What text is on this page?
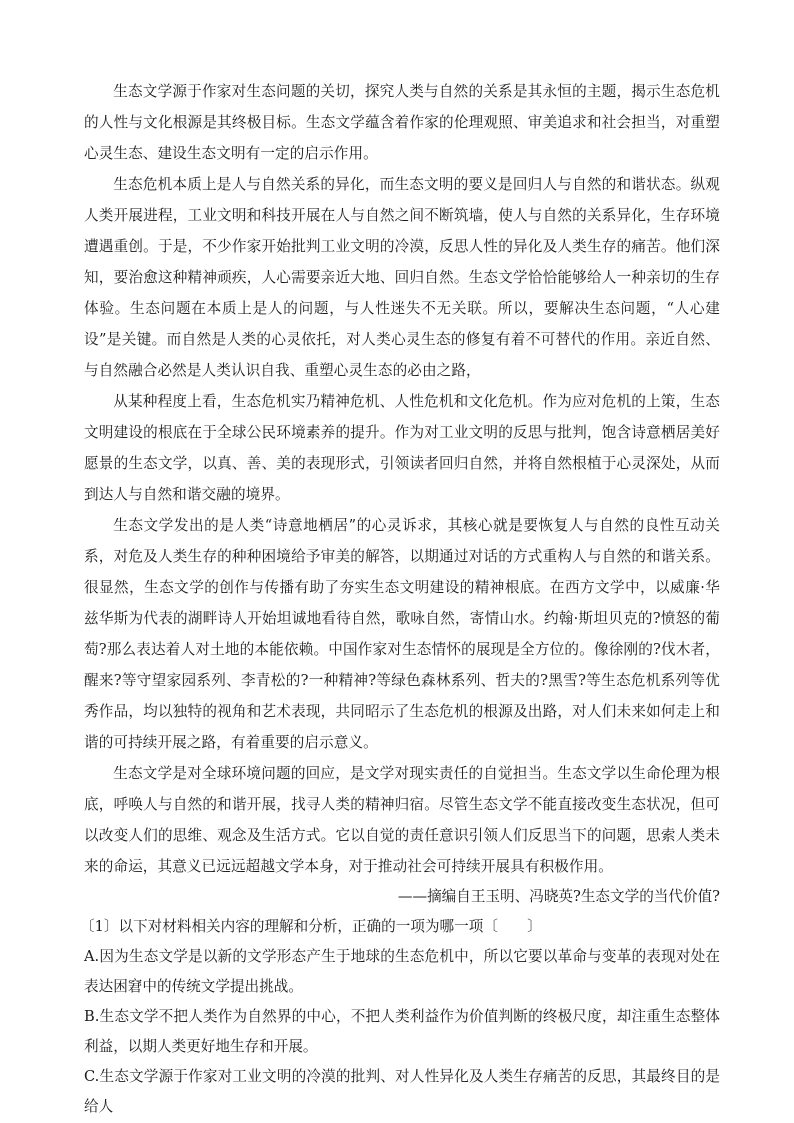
生态文学源于作家对生态问题的关切，探究人类与自然的关系是其永恒的主题，揭示生态危机的人性与文化根源是其终极目标。生态文学蕴含着作家的伦理观照、审美追求和社会担当，对重塑心灵生态、建设生态文明有一定的启示作用。

生态危机本质上是人与自然关系的异化，而生态文明的要义是回归人与自然的和谐状态。纵观人类开展进程，工业文明和科技开展在人与自然之间不断筑墙，使人与自然的关系异化，生存环境遭遇重创。于是，不少作家开始批判工业文明的冷漠，反思人性的异化及人类生存的痛苦。他们深知，要治愈这种精神顽疾，人心需要亲近大地、回归自然。生态文学恰恰能够给人一种亲切的生存体验。生态问题在本质上是人的问题，与人性迷失不无关联。所以，要解决生态问题，“人心建设”是关键。而自然是人类的心灵依托，对人类心灵生态的修复有着不可替代的作用。亲近自然、与自然融合必然是人类认识自我、重塑心灵生态的必由之路，

从某种程度上看，生态危机实乃精神危机、人性危机和文化危机。作为应对危机的上策，生态文明建设的根底在于全球公民环境素养的提升。作为对工业文明的反思与批判，饱含诗意栖居美好愿景的生态文学，以真、善、美的表现形式，引领读者回归自然，并将自然根植于心灵深处，从而到达人与自然和谐交融的境界。

生态文学发出的是人类“诗意地栖居”的心灵诉求，其核心就是要恢复人与自然的良性互动关系，对危及人类生存的种种困境给予审美的解答，以期通过对话的方式重构人与自然的和谐关系。很显然，生态文学的创作与传播有助了夯实生态文明建设的精神根底。在西方文学中，以威廉·华兹华斯为代表的湖畔诗人开始坦诚地看待自然，歌咏自然，寄情山水。约翰·斯坦贝克的?愤怒的葡萄?那么表达着人对土地的本能依赖。中国作家对生态情怀的展现是全方位的。像徐刚的?伐木者，醒来?等守望家园系列、李青松的?一种精神?等绿色森林系列、哲夫的?黑雪?等生态危机系列等优秀作品，均以独特的视角和艺术表现，共同昭示了生态危机的根源及出路，对人们未来如何走上和谐的可持续开展之路，有着重要的启示意义。

生态文学是对全球环境问题的回应，是文学对现实责任的自觉担当。生态文学以生命伦理为根底，呼唤人与自然的和谐开展，找寻人类的精神归宿。尽管生态文学不能直接改变生态状况，但可以改变人们的思维、观念及生活方式。它以自觉的责任意识引领人们反思当下的问题，思索人类未来的命运，其意义已远远超越文学本身，对于推动社会可持续开展具有积极作用。

——摘编自王玉明、冯晓英?生态文学的当代价值?

〔1〕以下对材料相关内容的理解和分析，正确的一项为哪一项〔　　〕

A.因为生态文学是以新的文学形态产生于地球的生态危机中，所以它要以革命与变革的表现对处在表达困窘中的传统文学提出挑战。

B.生态文学不把人类作为自然界的中心，不把人类利益作为价值判断的终极尺度，却注重生态整体利益，以期人类更好地生存和开展。

C.生态文学源于作家对工业文明的冷漠的批判、对人性异化及人类生存痛苦的反思，其最终目的是给人
